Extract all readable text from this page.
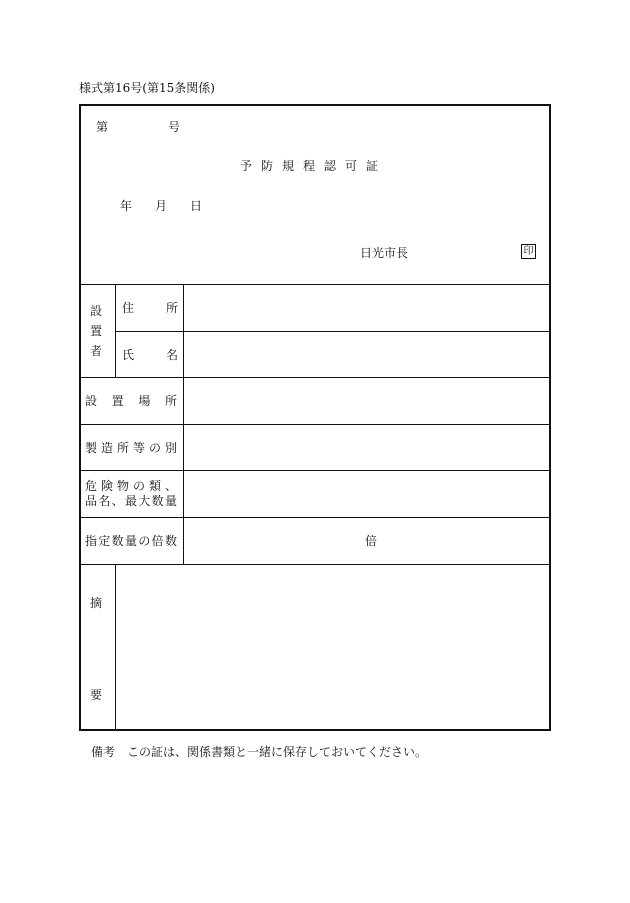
様式第16号(第15条関係)
第	号
予防規程認可証
年 月 日
日光市長	印
設置者
住所
氏名
設置場所
製造所等の別
危険物の類、
品名、最大数量
指定数量の倍数	倍
摘
要
備考　この証は、関係書類と一緒に保存しておいてください。
